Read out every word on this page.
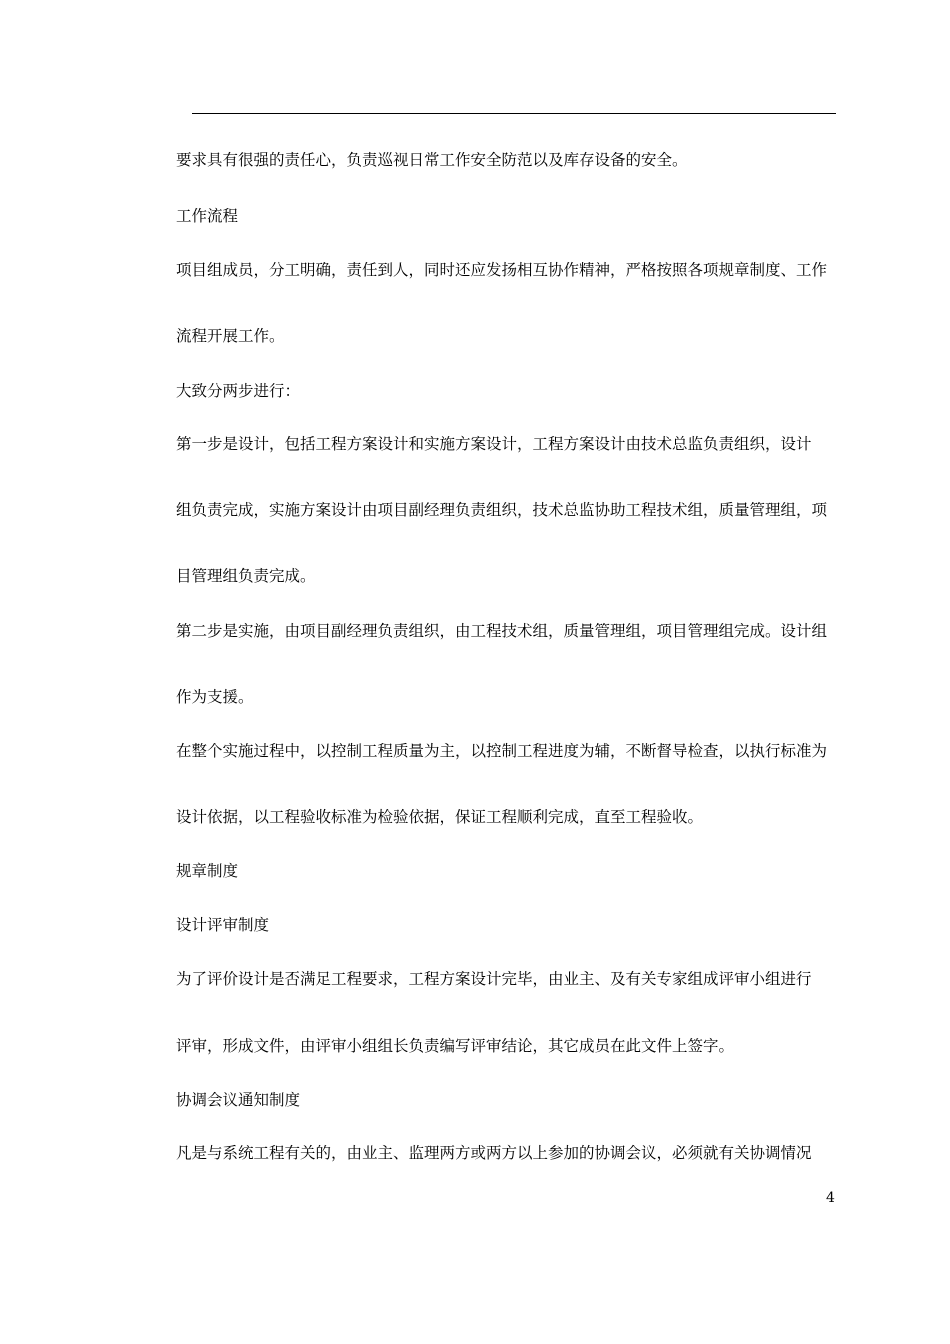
要求具有很强的责任心，负责巡视日常工作安全防范以及库存设备的安全。
工作流程
项目组成员，分工明确，责任到人，同时还应发扬相互协作精神，严格按照各项规章制度、工作
流程开展工作。
大致分两步进行：
第一步是设计，包括工程方案设计和实施方案设计，工程方案设计由技术总监负责组织，设计
组负责完成，实施方案设计由项目副经理负责组织，技术总监协助工程技术组，质量管理组，项
目管理组负责完成。
第二步是实施，由项目副经理负责组织，由工程技术组，质量管理组，项目管理组完成。设计组
作为支援。
在整个实施过程中，以控制工程质量为主，以控制工程进度为辅，不断督导检查，以执行标准为
设计依据，以工程验收标准为检验依据，保证工程顺利完成，直至工程验收。
规章制度
设计评审制度
为了评价设计是否满足工程要求，工程方案设计完毕，由业主、及有关专家组成评审小组进行
评审，形成文件，由评审小组组长负责编写评审结论，其它成员在此文件上签字。
协调会议通知制度
凡是与系统工程有关的，由业主、监理两方或两方以上参加的协调会议，必须就有关协调情况
4
